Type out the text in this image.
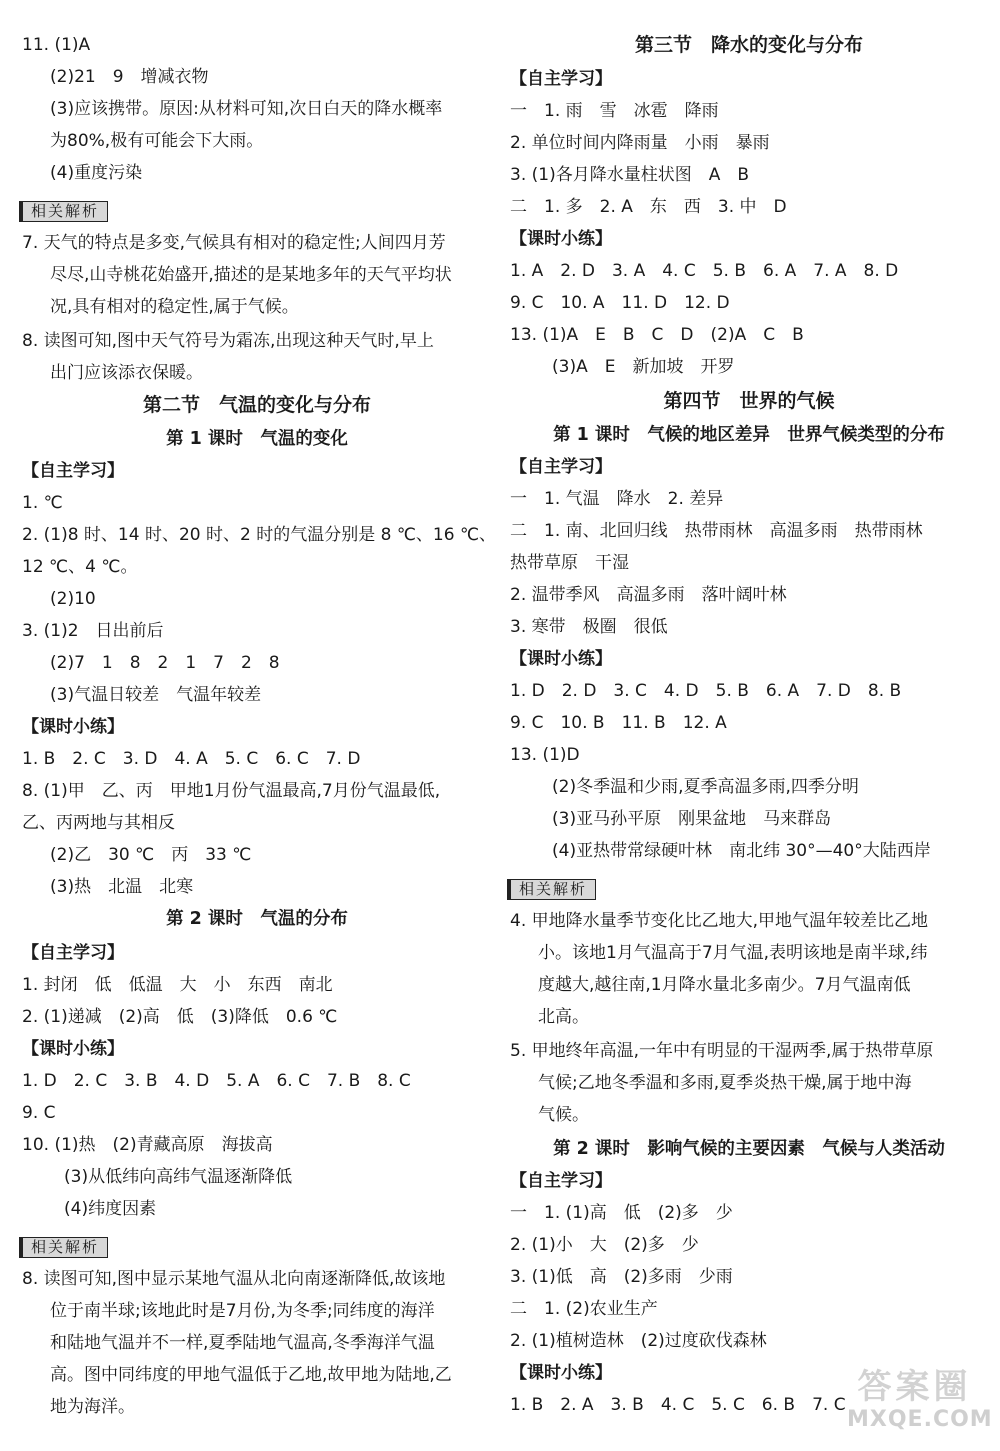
11. (1)A
(2)21　9　增减衣物
(3)应该携带。原因:从材料可知,次日白天的降水概率
为80%,极有可能会下大雨。
(4)重度污染
相关解析
7. 天气的特点是多变,气候具有相对的稳定性;人间四月芳
尽尽,山寺桃花始盛开,描述的是某地多年的天气平均状
况,具有相对的稳定性,属于气候。
8. 读图可知,图中天气符号为霜冻,出现这种天气时,早上
出门应该添衣保暖。
第二节　气温的变化与分布
第 1 课时　气温的变化
【自主学习】
1. ℃
2. (1)8 时、14 时、20 时、2 时的气温分别是 8 ℃、16 ℃、
12 ℃、4 ℃。
(2)10
3. (1)2　日出前后
(2)7　1　8　2　1　7　2　8
(3)气温日较差　气温年较差
【课时小练】
1. B　2. C　3. D　4. A　5. C　6. C　7. D
8. (1)甲　乙、丙　甲地1月份气温最高,7月份气温最低,
乙、丙两地与其相反
(2)乙　30 ℃　丙　33 ℃
(3)热　北温　北寒
第 2 课时　气温的分布
【自主学习】
1. 封闭　低　低温　大　小　东西　南北
2. (1)递减　(2)高　低　(3)降低　0.6 ℃
【课时小练】
1. D　2. C　3. B　4. D　5. A　6. C　7. B　8. C
9. C
10. (1)热　(2)青藏高原　海拔高
(3)从低纬向高纬气温逐渐降低
(4)纬度因素
相关解析
8. 读图可知,图中显示某地气温从北向南逐渐降低,故该地
位于南半球;该地此时是7月份,为冬季;同纬度的海洋
和陆地气温并不一样,夏季陆地气温高,冬季海洋气温
高。图中同纬度的甲地气温低于乙地,故甲地为陆地,乙
地为海洋。
第三节　降水的变化与分布
【自主学习】
一　1. 雨　雪　冰雹　降雨
2. 单位时间内降雨量　小雨　暴雨
3. (1)各月降水量柱状图　A　B
二　1. 多　2. A　东　西　3. 中　D
【课时小练】
1. A　2. D　3. A　4. C　5. B　6. A　7. A　8. D
9. C　10. A　11. D　12. D
13. (1)A　E　B　C　D　(2)A　C　B
(3)A　E　新加坡　开罗
第四节　世界的气候
第 1 课时　气候的地区差异　世界气候类型的分布
【自主学习】
一　1. 气温　降水　2. 差异
二　1. 南、北回归线　热带雨林　高温多雨　热带雨林
热带草原　干湿
2. 温带季风　高温多雨　落叶阔叶林
3. 寒带　极圈　很低
【课时小练】
1. D　2. D　3. C　4. D　5. B　6. A　7. D　8. B
9. C　10. B　11. B　12. A
13. (1)D
(2)冬季温和少雨,夏季高温多雨,四季分明
(3)亚马孙平原　刚果盆地　马来群岛
(4)亚热带常绿硬叶林　南北纬 30°—40°大陆西岸
相关解析
4. 甲地降水量季节变化比乙地大,甲地气温年较差比乙地
小。该地1月气温高于7月气温,表明该地是南半球,纬
度越大,越往南,1月降水量北多南少。7月气温南低
北高。
5. 甲地终年高温,一年中有明显的干湿两季,属于热带草原
气候;乙地冬季温和多雨,夏季炎热干燥,属于地中海
气候。
第 2 课时　影响气候的主要因素　气候与人类活动
【自主学习】
一　1. (1)高　低　(2)多　少
2. (1)小　大　(2)多　少
3. (1)低　高　(2)多雨　少雨
二　1. (2)农业生产
2. (1)植树造林　(2)过度砍伐森林
【课时小练】
1. B　2. A　3. B　4. C　5. C　6. B　7. C 答案圈
MXQE.COM
